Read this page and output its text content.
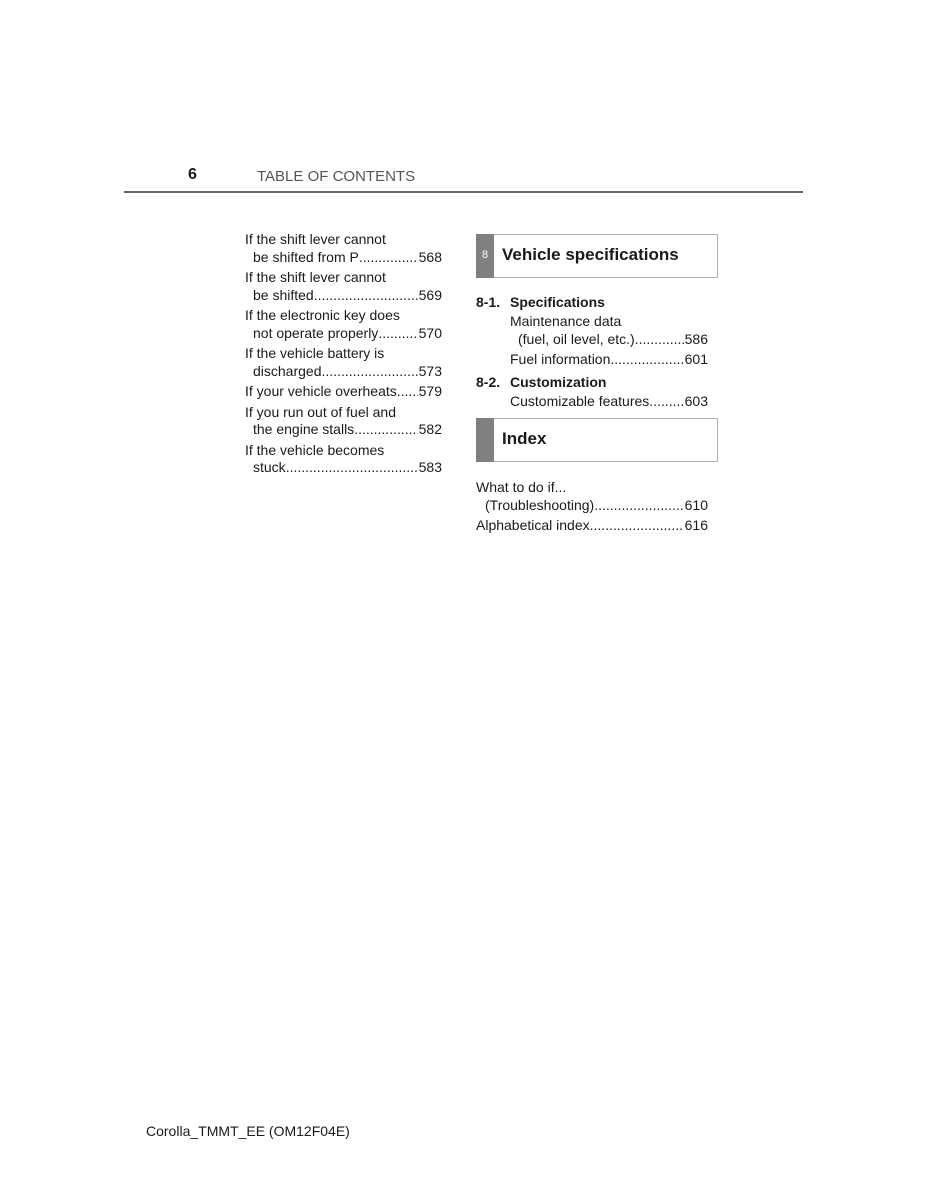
6	TABLE OF CONTENTS
If the shift lever cannot
be shifted from P .....	568
If the shift lever cannot
be shifted .....	569
If the electronic key does
not operate properly .....	570
If the vehicle battery is
discharged .....	573
If your vehicle overheats ..... 579
If you run out of fuel and
the engine stalls .....	582
If the vehicle becomes
stuck .....	583
8 Vehicle specifications
8-1. Specifications
Maintenance data
(fuel, oil level, etc.) .....	586
Fuel information .....	601
8-2. Customization
Customizable features .....	603
Index
What to do if...
(Troubleshooting) .....	610
Alphabetical index .....	616
Corolla_TMMT_EE (OM12F04E)
